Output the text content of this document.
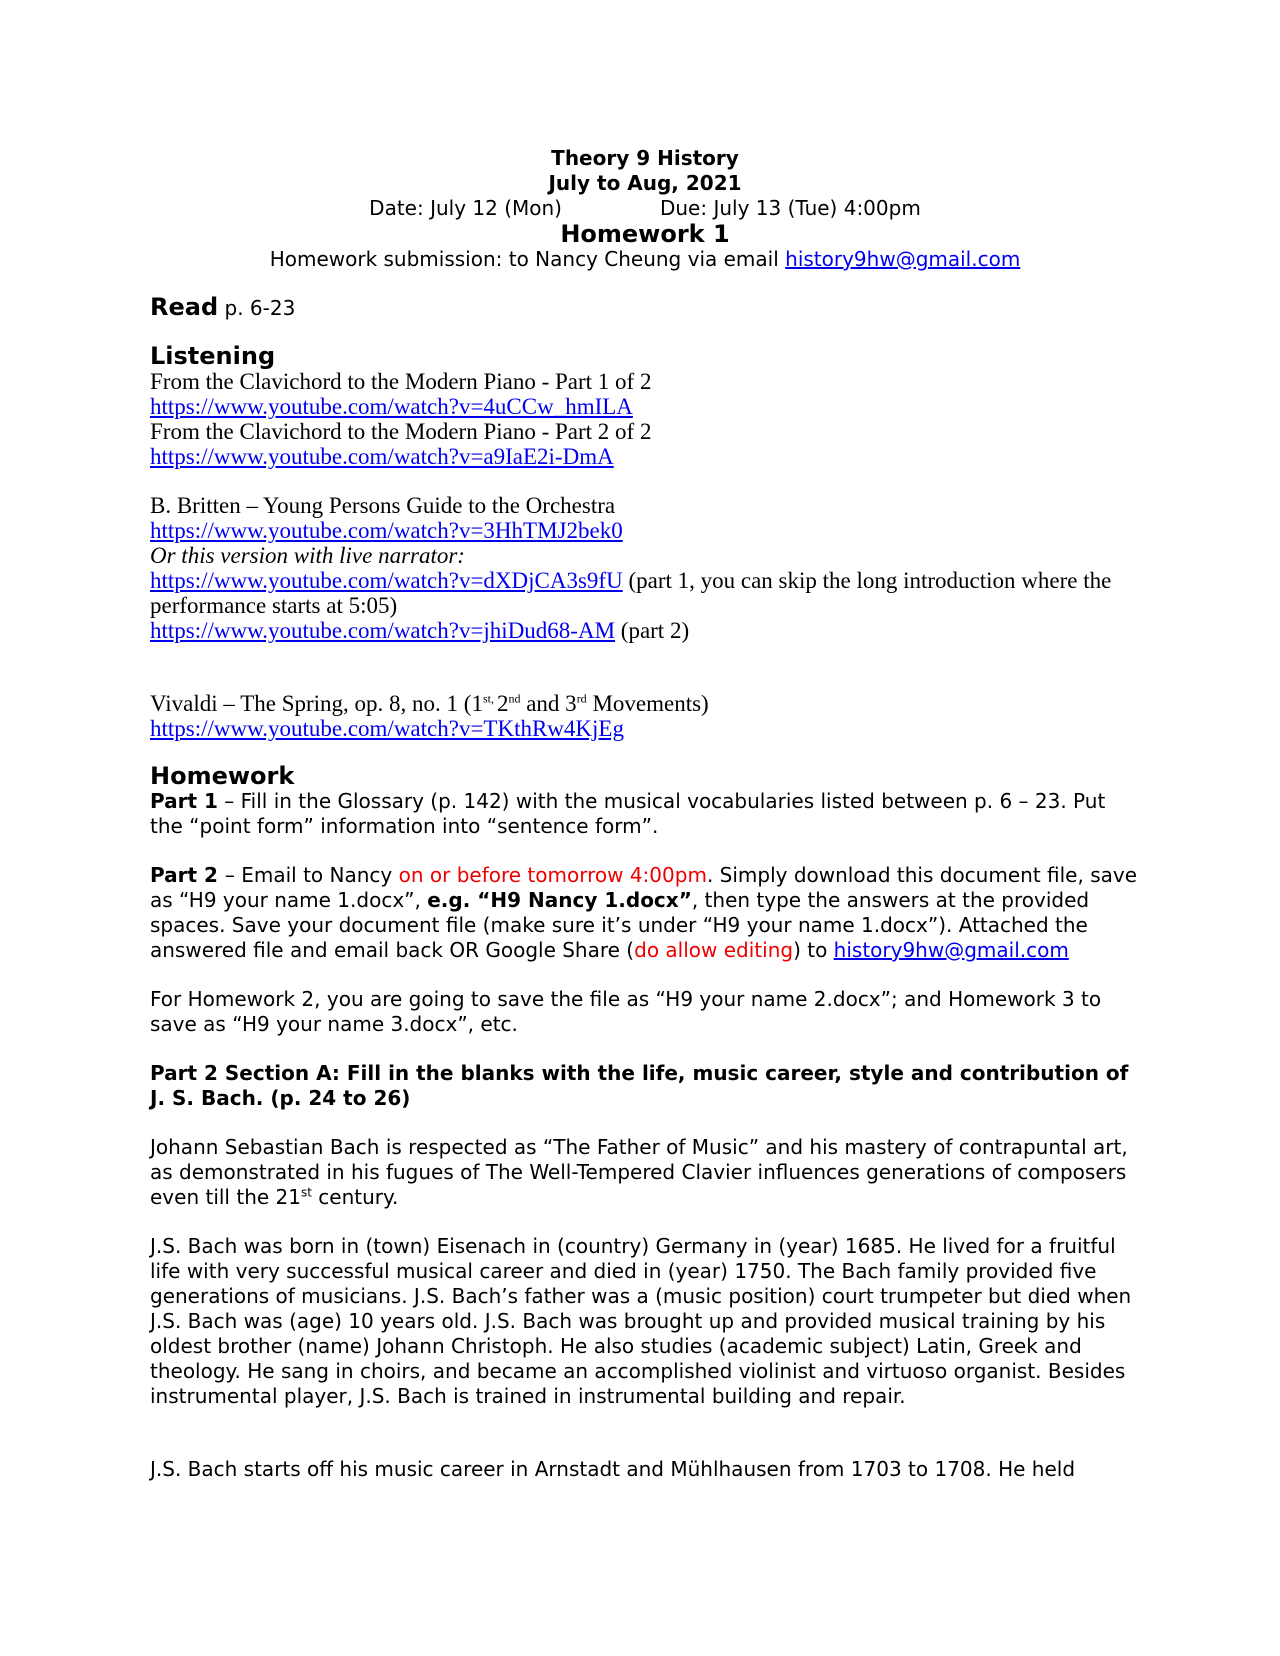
Theory 9 History
July to Aug, 2021
Date: July 12 (Mon)	Due: July 13 (Tue) 4:00pm
Homework 1
Homework submission: to Nancy Cheung via email history9hw@gmail.com
Read p. 6-23
Listening
From the Clavichord to the Modern Piano - Part 1 of 2
https://www.youtube.com/watch?v=4uCCw_hmILA
From the Clavichord to the Modern Piano - Part 2 of 2
https://www.youtube.com/watch?v=a9IaE2i-DmA
B. Britten – Young Persons Guide to the Orchestra
https://www.youtube.com/watch?v=3HhTMJ2bek0
Or this version with live narrator:
https://www.youtube.com/watch?v=dXDjCA3s9fU (part 1, you can skip the long introduction where the performance starts at 5:05)
https://www.youtube.com/watch?v=jhiDud68-AM (part 2)
Vivaldi – The Spring, op. 8, no. 1 ($1^{st,}$ 2nd and 3rd Movements)
https://www.youtube.com/watch?v=TKthRw4KjEg
Homework

Part 1 – Fill in the Glossary (p. 142) with the musical vocabularies listed between p. 6 – 23. Put the “point form” information into “sentence form”.

Part 2 – Email to Nancy on or before tomorrow 4:00pm. Simply download this document file, save as “H9 your name 1.docx”, e.g. “H9 Nancy 1.docx”, then type the answers at the provided spaces. Save your document file (make sure it’s under “H9 your name 1.docx”). Attached the answered file and email back OR Google Share (do allow editing) to history9hw@gmail.com

For Homework 2, you are going to save the file as “H9 your name 2.docx”; and Homework 3 to save as “H9 your name 3.docx”, etc.

Part 2 Section A: Fill in the blanks with the life, music career, style and contribution of J. S. Bach. (p. 24 to 26)

Johann Sebastian Bach is respected as “The Father of Music” and his mastery of contrapuntal art, as demonstrated in his fugues of The Well-Tempered Clavier influences generations of composers even till the 21st century.

J.S. Bach was born in (town) Eisenach in (country) Germany in (year) 1685. He lived for a fruitful life with very successful musical career and died in (year) 1750. The Bach family provided five generations of musicians. J.S. Bach’s father was a (music position) court trumpeter but died when J.S. Bach was (age) 10 years old. J.S. Bach was brought up and provided musical training by his oldest brother (name) Johann Christoph. He also studies (academic subject) Latin, Greek and theology. He sang in choirs, and became an accomplished violinist and virtuoso organist. Besides instrumental player, J.S. Bach is trained in instrumental building and repair.

J.S. Bach starts off his music career in Arnstadt and Mühlhausen from 1703 to 1708. He held
